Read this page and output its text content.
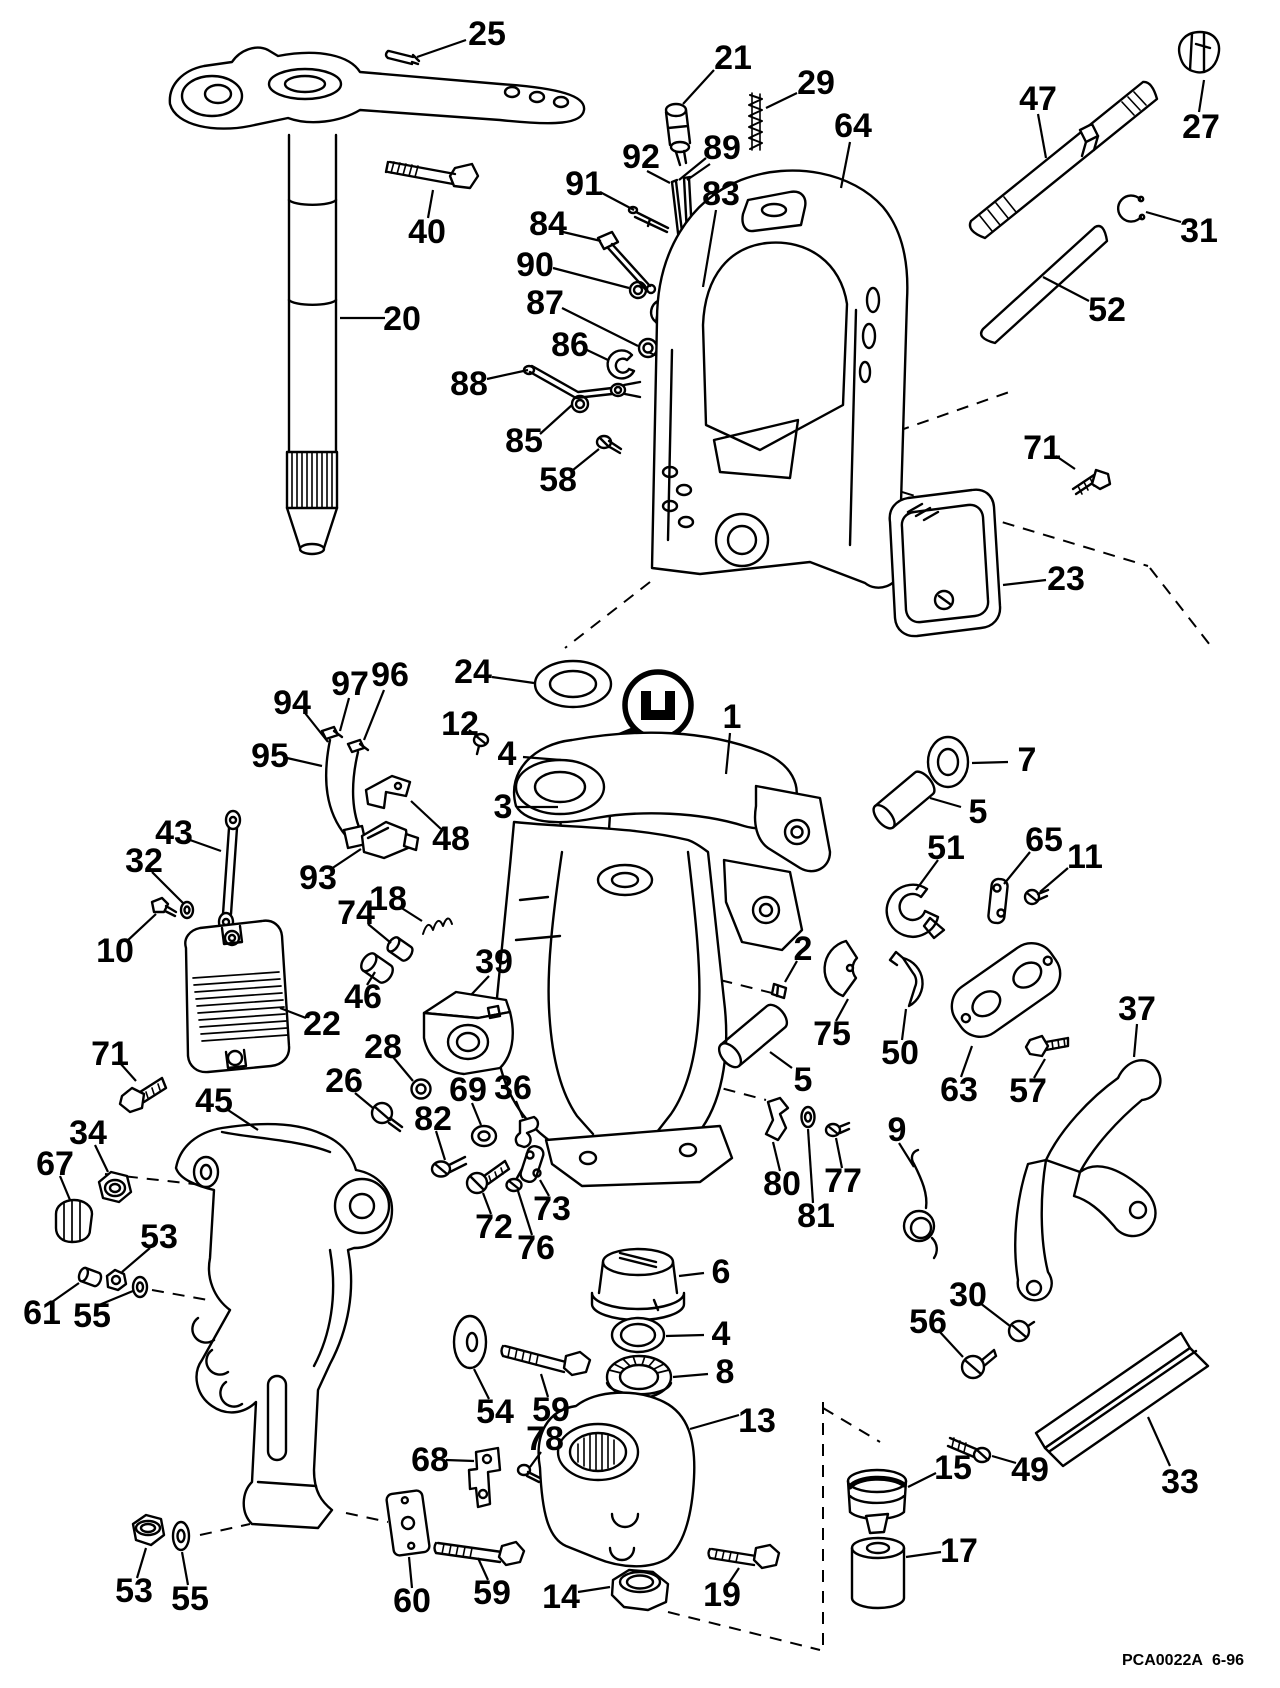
25
21
29
64
47
27
92 89
91	83
31
84
40
90
52
87
86
20
88
85
58
71
23
24
96
97
94
12
95
1
4	7
3	5
48
43	51 65 11
32	93
18
74
10	2
39
46
22	75
28	50
26	63 57
37
69 36
71
45	82
34
67
9
80 77
81
53
73
72
76
61 55
5
6
30
56
4
8
54 59	13
78
15
68
33
49
17
14	19
60 59
53 55
PCA0022A 6-96
